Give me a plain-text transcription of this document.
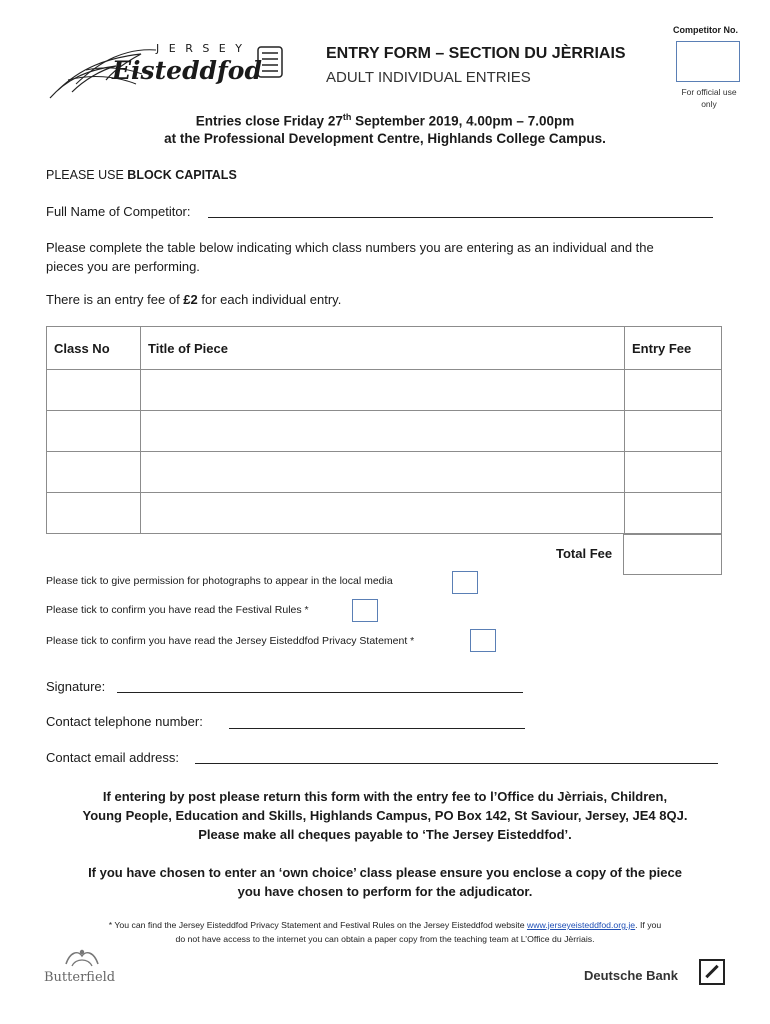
J E R S E Y
Eisteddfod
ENTRY FORM – SECTION DU JÈRRIAIS
ADULT INDIVIDUAL ENTRIES
Competitor No.
For official use
only
Entries close Friday 27th September 2019, 4.00pm – 7.00pm
at the Professional Development Centre, Highlands College Campus.
PLEASE USE BLOCK CAPITALS
Full Name of Competitor:
Please complete the table below indicating which class numbers you are entering as an individual and the
pieces you are performing.
There is an entry fee of £2 for each individual entry.
Class No	Title of Piece	Entry Fee

Total Fee
Please tick to give permission for photographs to appear in the local media
Please tick to confirm you have read the Festival Rules *
Please tick to confirm you have read the Jersey Eisteddfod Privacy Statement *
Signature:
Contact telephone number:
Contact email address:
If entering by post please return this form with the entry fee to l’Office du Jèrriais, Children,
Young People, Education and Skills, Highlands Campus, PO Box 142, St Saviour, Jersey, JE4 8QJ.
Please make all cheques payable to ‘The Jersey Eisteddfod’.
If you have chosen to enter an ‘own choice’ class please ensure you enclose a copy of the piece
you have chosen to perform for the adjudicator.
* You can find the Jersey Eisteddfod Privacy Statement and Festival Rules on the Jersey Eisteddfod website www.jerseyeisteddfod.org.je. If you
do not have access to the internet you can obtain a paper copy from the teaching team at L’Office du Jèrriais.
Butterfield	Deutsche Bank
